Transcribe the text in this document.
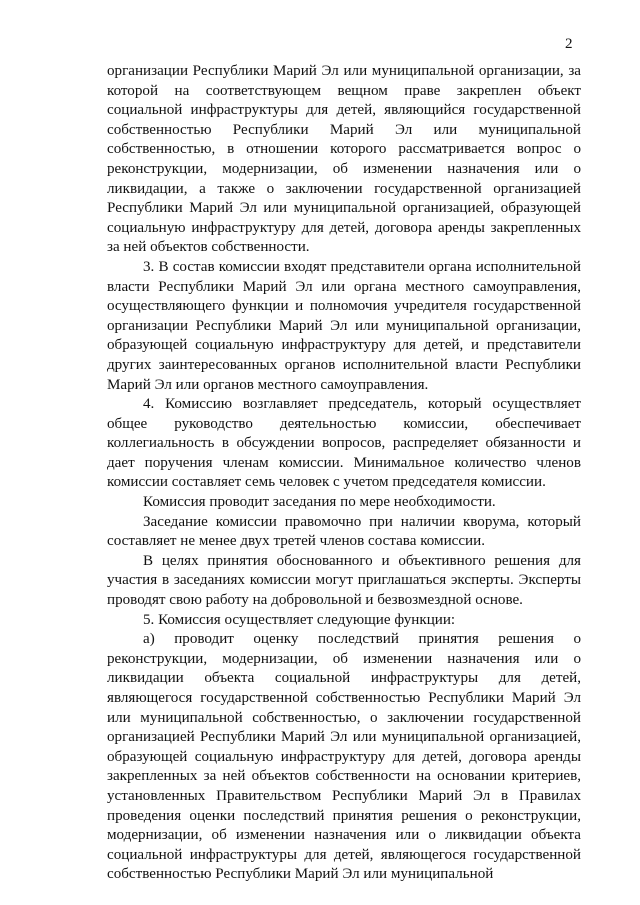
2

организации Республики Марий Эл или муниципальной организации, за которой на соответствующем вещном праве закреплен объект социальной инфраструктуры для детей, являющийся государственной собственностью Республики Марий Эл или муниципальной собственностью, в отношении которого рассматривается вопрос о реконструкции, модернизации, об изменении назначения или о ликвидации, а также о заключении государственной организацией Республики Марий Эл или муниципальной организацией, образующей социальную инфраструктуру для детей, договора аренды закрепленных за ней объектов собственности.

3. В состав комиссии входят представители органа исполнительной власти Республики Марий Эл или органа местного самоуправления, осуществляющего функции и полномочия учредителя государственной организации Республики Марий Эл или муниципальной организации, образующей социальную инфраструктуру для детей, и представители других заинтересованных органов исполнительной власти Республики Марий Эл или органов местного самоуправления.

4. Комиссию возглавляет председатель, который осуществляет общее руководство деятельностью комиссии, обеспечивает коллегиальность в обсуждении вопросов, распределяет обязанности и дает поручения членам комиссии. Минимальное количество членов комиссии составляет семь человек с учетом председателя комиссии.

Комиссия проводит заседания по мере необходимости.

Заседание комиссии правомочно при наличии кворума, который составляет не менее двух третей членов состава комиссии.

В целях принятия обоснованного и объективного решения для участия в заседаниях комиссии могут приглашаться эксперты. Эксперты проводят свою работу на добровольной и безвозмездной основе.

5. Комиссия осуществляет следующие функции:

а) проводит оценку последствий принятия решения о реконструкции, модернизации, об изменении назначения или о ликвидации объекта социальной инфраструктуры для детей, являющегося государственной собственностью Республики Марий Эл или муниципальной собственностью, о заключении государственной организацией Республики Марий Эл или муниципальной организацией, образующей социальную инфраструктуру для детей, договора аренды закрепленных за ней объектов собственности на основании критериев, установленных Правительством Республики Марий Эл в Правилах проведения оценки последствий принятия решения о реконструкции, модернизации, об изменении назначения или о ликвидации объекта социальной инфраструктуры для детей, являющегося государственной собственностью Республики Марий Эл или муниципальной
